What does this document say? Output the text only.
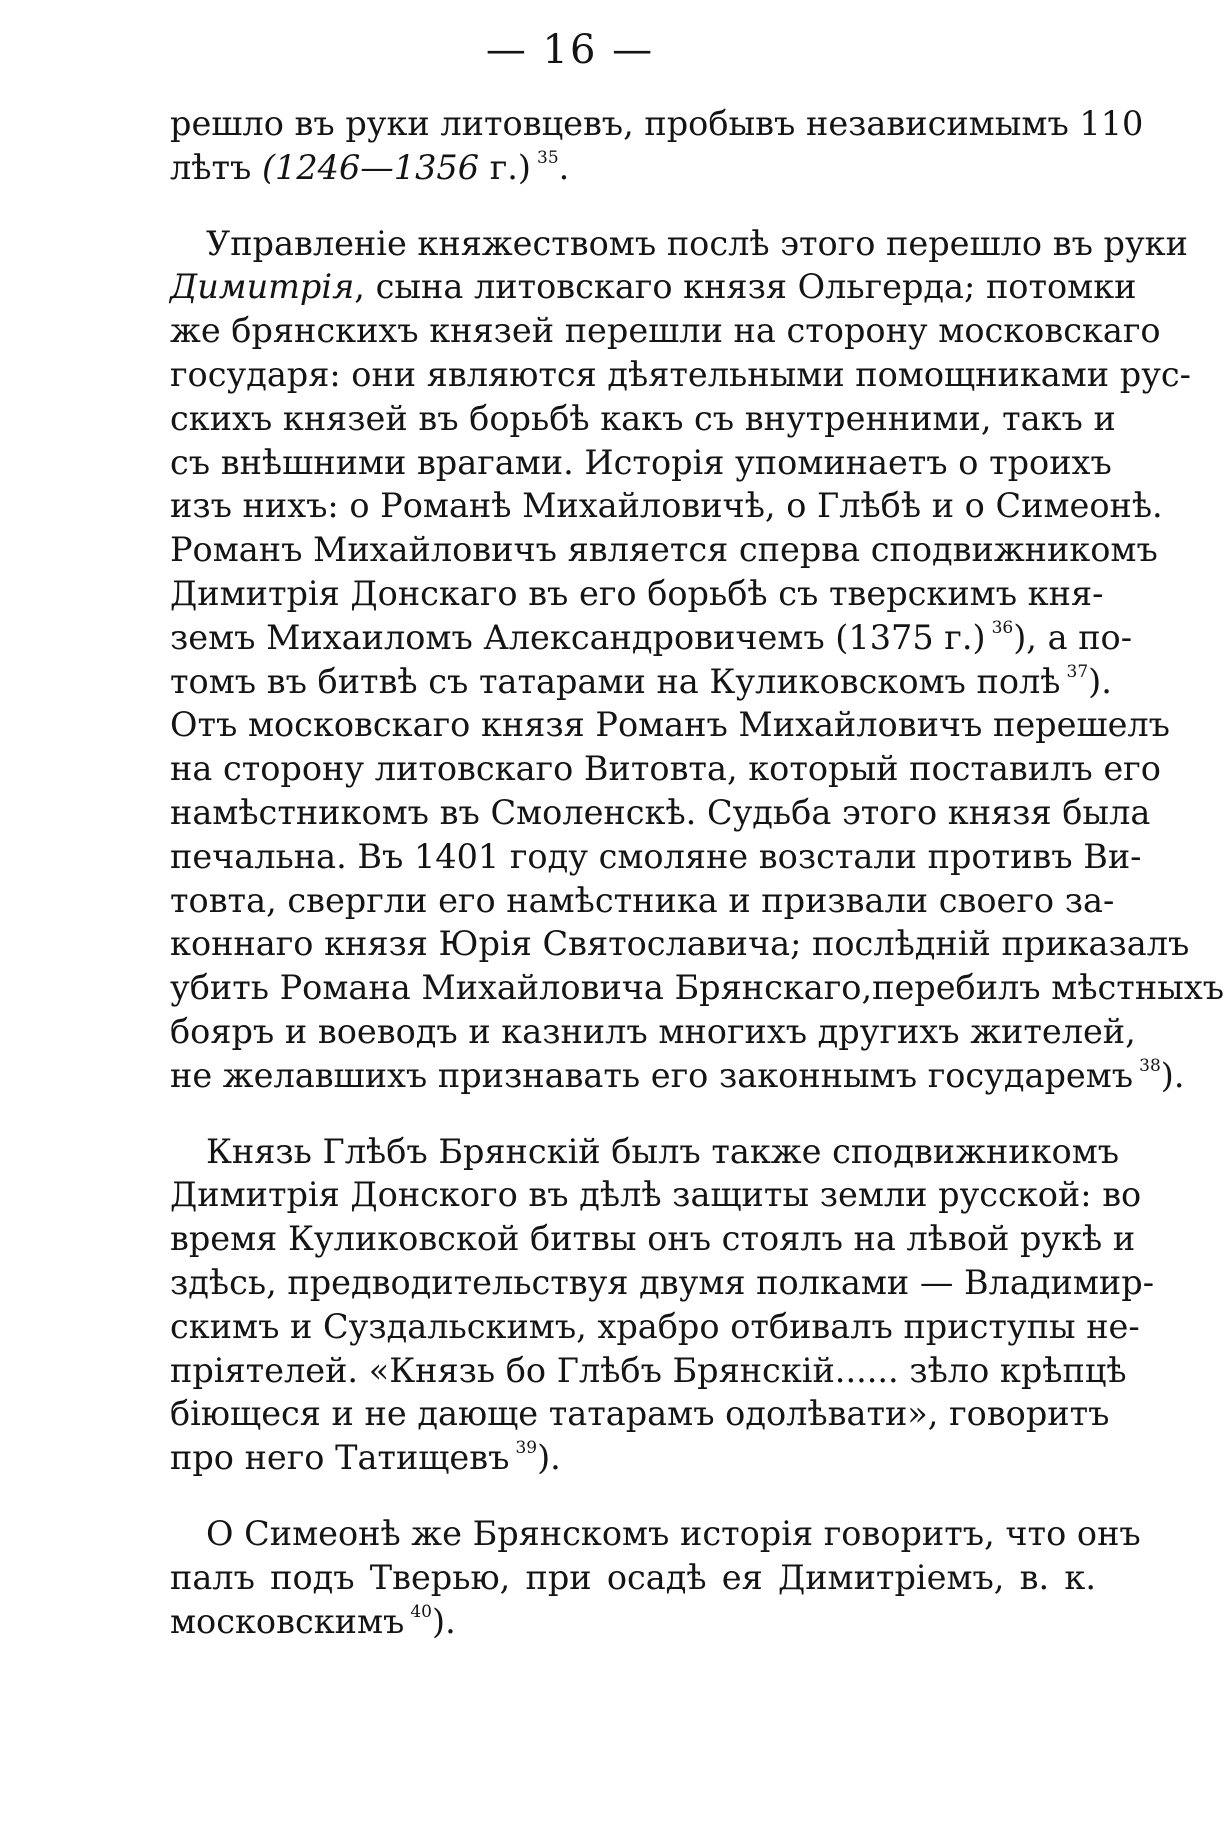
— 16 —

решло въ руки литовцевъ, пробывъ независимымъ 110
лѣтъ (1246—1356 г.) $^{35}$.

Управленіе княжествомъ послѣ этого перешло въ руки
Димитрія, сына литовскаго князя Ольгерда; потомки
же брянскихъ князей перешли на сторону московскаго
государя: они являются дѣятельными помощниками рус-
скихъ князей въ борьбѣ какъ съ внутренними, такъ и
съ внѣшними врагами. Исторія упоминаетъ о троихъ
изъ нихъ: о Романѣ Михайловичѣ, о Глѣбѣ и о Симеонѣ.
Романъ Михайловичъ является сперва сподвижникомъ
Димитрія Донскаго въ его борьбѣ съ тверскимъ кня-
земъ Михаиломъ Александровичемъ (1375 г.) $^{36}$), а по-
томъ въ битвѣ съ татарами на Куликовскомъ полѣ $^{37}$).
Отъ московскаго князя Романъ Михайловичъ перешелъ
на сторону литовскаго Витовта, который поставилъ его
намѣстникомъ въ Смоленскѣ. Судьба этого князя была
печальна. Въ 1401 году смоляне возстали противъ Ви-
товта, свергли его намѣстника и призвали своего за-
коннаго князя Юрія Святославича; послѣдній приказалъ
убить Романа Михайловича Брянскаго,перебилъ мѣстныхъ
бояръ и воеводъ и казнилъ многихъ другихъ жителей,
не желавшихъ признавать его законнымъ государемъ $^{38}$).

Князь Глѣбъ Брянскій былъ также сподвижникомъ
Димитрія Донского въ дѣлѣ защиты земли русской: во
время Куликовской битвы онъ стоялъ на лѣвой рукѣ и
здѣсь, предводительствуя двумя полками — Владимир-
скимъ и Суздальскимъ, храбро отбивалъ приступы не-
пріятелей. «Князь бо Глѣбъ Брянскій...... зѣло крѣпцѣ
біющеся и не дающе татарамъ одолѣвати», говоритъ
про него Татищевъ $^{39}$).

О Симеонѣ же Брянскомъ исторія говоритъ, что онъ
палъ подъ Тверью, при осадѣ ея Димитріемъ, в. к.
московскимъ $^{40}$).
